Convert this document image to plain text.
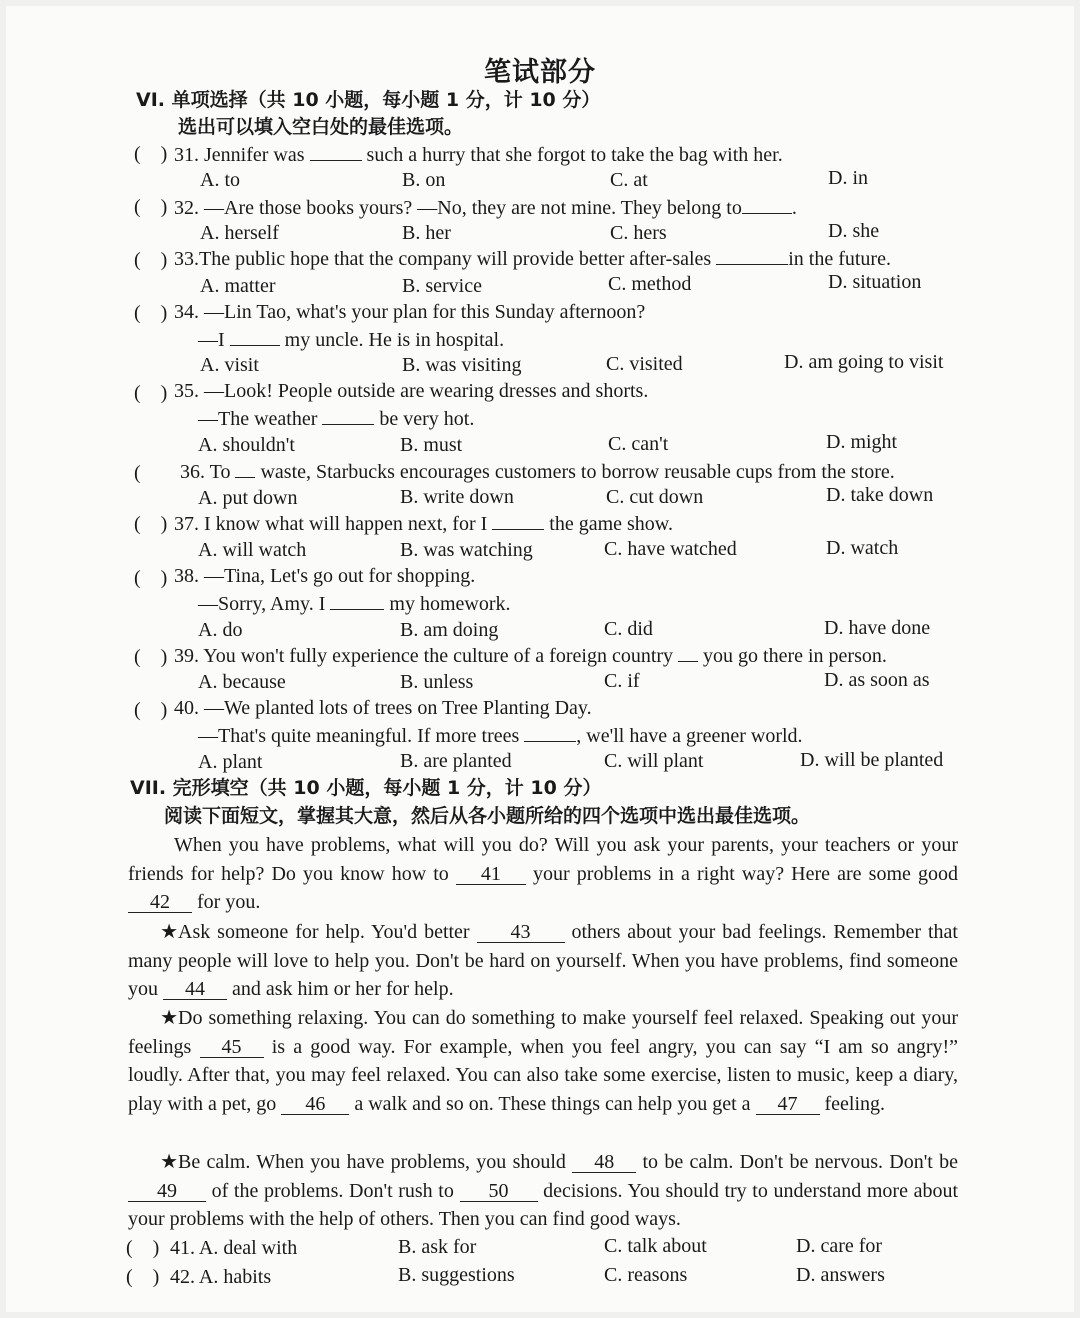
笔试部分
VI. 单项选择（共 10 小题，每小题 1 分，计 10 分）
选出可以填入空白处的最佳选项。
(    ) 31. Jennifer was	such a hurry that she forgot to take the bag with her.
A. to	B. on	C. at	D. in
(    ) 32. —Are those books yours? —No, they are not mine. They belong to	.
A. herself	B. her	C. hers	D. she
(    ) 33.The public hope that the company will provide better after-sales	in the future.
A. matter	B. service	C. method	D. situation
(    ) 34. —Lin Tao, what's your plan for this Sunday afternoon?
—I	my uncle. He is in hospital.
A. visit	B. was visiting	C. visited	D. am going to visit
(    ) 35. —Look! People outside are wearing dresses and shorts.
—The weather	be very hot.
A. shouldn't	B. must	C. can't	D. might
( 36. To waste, Starbucks encourages customers to borrow reusable cups from the store.
A. put down	B. write down	C. cut down	D. take down
(    ) 37. I know what will happen next, for I	the game show.
A. will watch	B. was watching	C. have watched	D. watch
(    ) 38. —Tina, Let's go out for shopping.
—Sorry, Amy. I	my homework.
A. do	B. am doing	C. did	D. have done
(    ) 39. You won't fully experience the culture of a foreign country you go there in person.
A. because	B. unless	C. if	D. as soon as
(    ) 40. —We planted lots of trees on Tree Planting Day.
—That's quite meaningful. If more trees	, we'll have a greener world.
A. plant	B. are planted	C. will plant	D. will be planted
VII. 完形填空（共 10 小题，每小题 1 分，计 10 分）
阅读下面短文，掌握其大意，然后从各小题所给的四个选项中选出最佳选项。
When you have problems, what will you do? Will you ask your parents, your teachers or your friends for help? Do you know how to 41 your problems in a right way? Here are some good 42 for you.
★Ask someone for help. You'd better 43 others about your bad feelings. Remember that many people will love to help you. Don't be hard on yourself. When you have problems, find someone you 44 and ask him or her for help.
★Do something relaxing. You can do something to make yourself feel relaxed. Speaking out your feelings 45 is a good way. For example, when you feel angry, you can say “I am so angry!” loudly. After that, you may feel relaxed. You can also take some exercise, listen to music, keep a diary, play with a pet, go 46 a walk and so on. These things can help you get a 47 feeling.
★Be calm. When you have problems, you should 48 to be calm. Don't be nervous. Don't be 49 of the problems. Don't rush to 50 decisions. You should try to understand more about your problems with the help of others. Then you can find good ways.
(    ) 41. A. deal with	B. ask for	C. talk about	D. care for
(    ) 42. A. habits	B. suggestions	C. reasons	D. answers
